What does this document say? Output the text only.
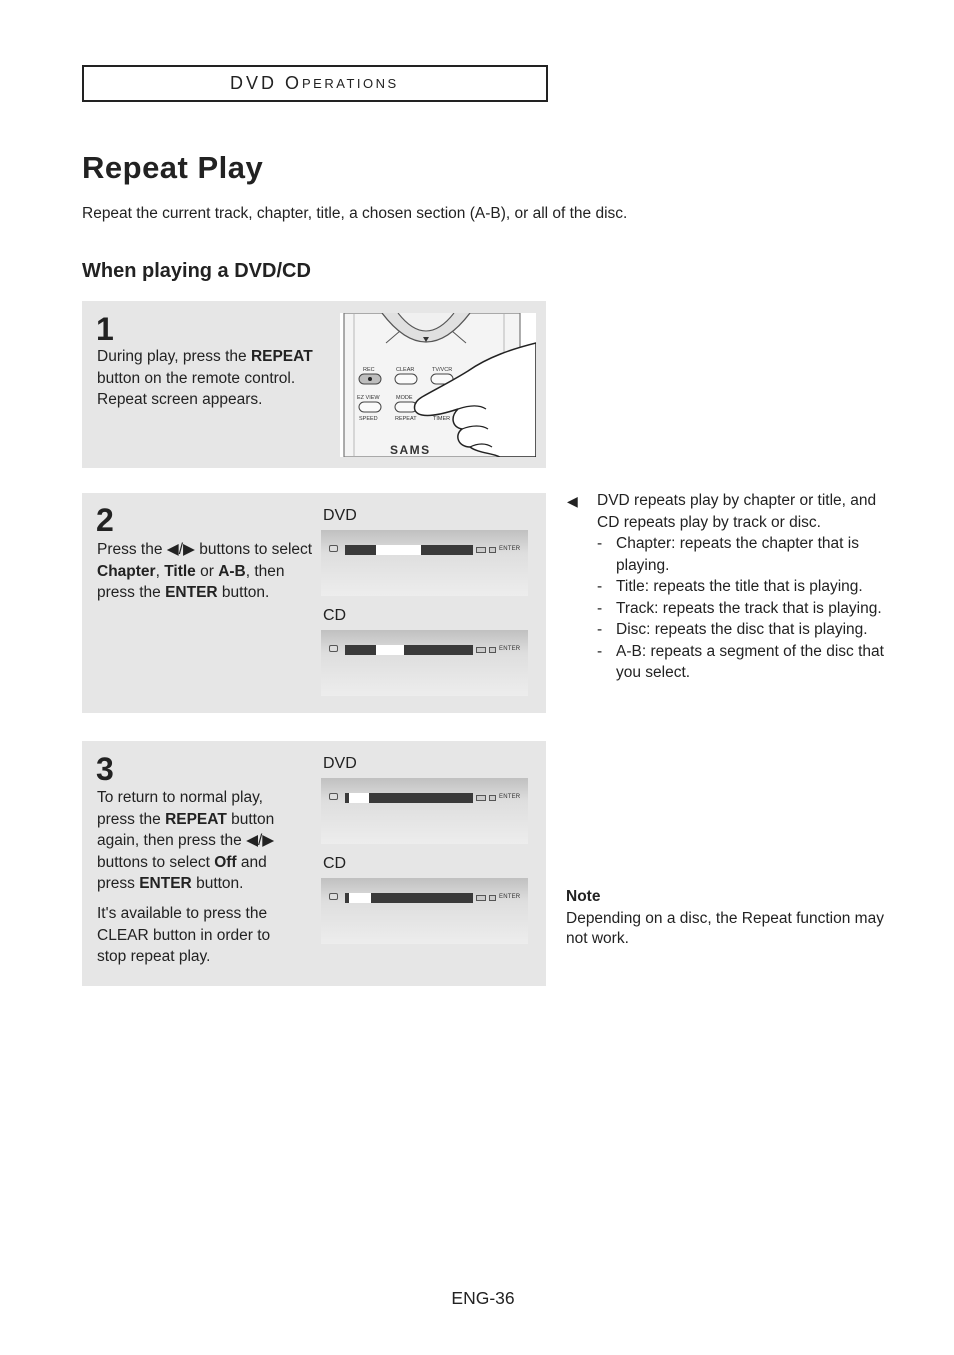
D VD O PERATIONS
Repeat Play

Repeat the current track, chapter, title, a chosen section (A-B), or all of the disc.

When playing a DVD/CD
1

During play, press the REPEAT button on the remote control. Repeat screen appears.

REC	CLEAR	TV/VCR
EZ VIEW	MODE
SPEED	REPEAT	TIMER
SAMS
2

Press the ◀/▶ buttons to select Chapter, Title or A-B, then press the ENTER button.

DVD
ENTER
CD
ENTER
3

To return to normal play, press the REPEAT button again, then press the ◀/▶ buttons to select Off and press ENTER button.

It's available to press the CLEAR button in order to stop repeat play.

DVD
ENTER
CD
ENTER
◀ DVD repeats play by chapter or title, and CD repeats play by track or disc.

- Chapter: repeats the chapter that is playing.
- Title: repeats the title that is playing.
- Track: repeats the track that is playing.
- Disc: repeats the disc that is playing.
- A-B: repeats a segment of the disc that you select.

Note

Depending on a disc, the Repeat function may not work.

ENG-36
